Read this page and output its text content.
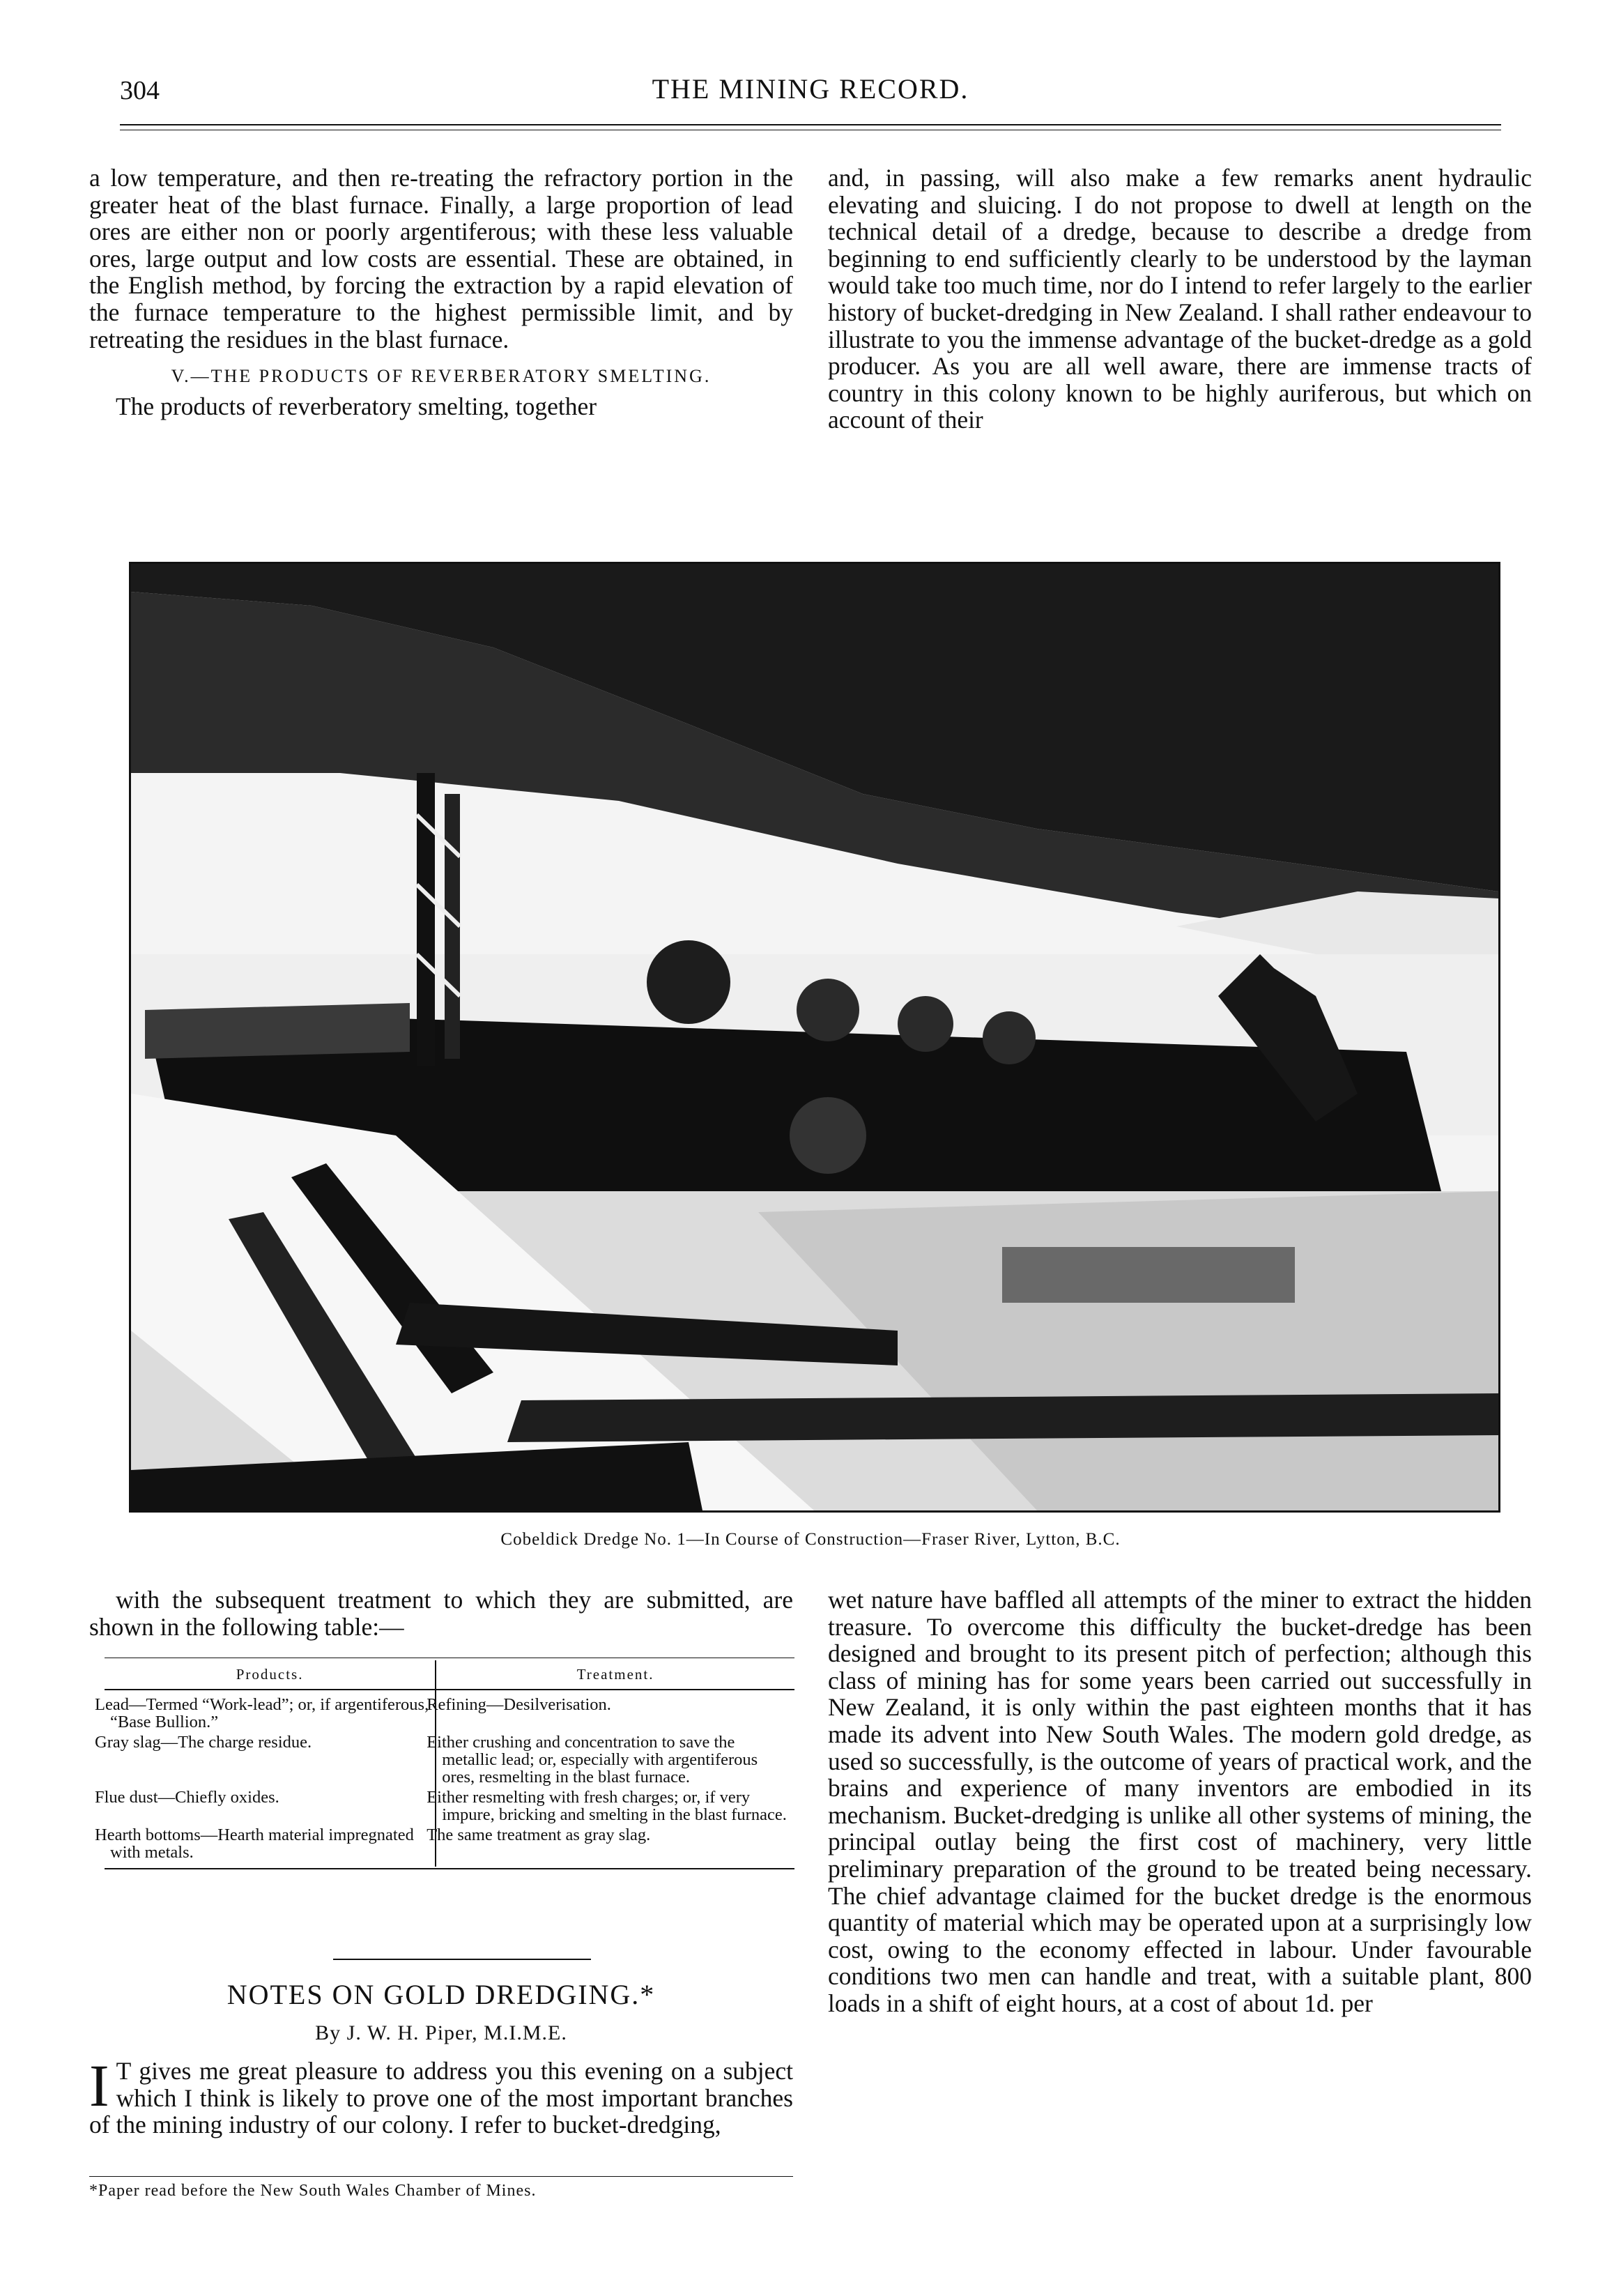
304	THE MINING RECORD.

a low temperature, and then re-treating the refractory portion in the greater heat of the blast furnace. Finally, a large proportion of lead ores are either non or poorly argentiferous; with these less valuable ores, large output and low costs are essential. These are obtained, in the English method, by forcing the extraction by a rapid elevation of the furnace temperature to the highest permissible limit, and by retreating the residues in the blast furnace.

V.—THE PRODUCTS OF REVERBERATORY SMELTING.

The products of reverberatory smelting, together

and, in passing, will also make a few remarks anent hydraulic elevating and sluicing. I do not propose to dwell at length on the technical detail of a dredge, because to describe a dredge from beginning to end sufficiently clearly to be understood by the layman would take too much time, nor do I intend to refer largely to the earlier history of bucket-dredging in New Zealand. I shall rather endeavour to illustrate to you the immense advantage of the bucket-dredge as a gold producer. As you are all well aware, there are immense tracts of country in this colony known to be highly auriferous, but which on account of their

Cobeldick Dredge No. 1—In Course of Construction—Fraser River, Lytton, B.C.

with the subsequent treatment to which they are submitted, are shown in the following table:—

Products.	Treatment.
Lead—Termed “Work-lead”; or, if argentiferous, “Base Bullion.”	Refining—Desilverisation.
Gray slag—The charge residue.	Either crushing and concentration to save the metallic lead; or, especially with argentiferous ores, resmelting in the blast furnace.
Flue dust—Chiefly oxides.	Either resmelting with fresh charges; or, if very impure, bricking and smelting in the blast furnace.
Hearth bottoms—Hearth material impregnated with metals.	The same treatment as gray slag.
NOTES ON GOLD DREDGING.*
By J. W. H. Piper, M.I.M.E.
I T gives me great pleasure to address you this evening on a subject which I think is likely to prove one of the most important branches of the mining industry of our colony. I refer to bucket-dredging,

*Paper read before the New South Wales Chamber of Mines.

wet nature have baffled all attempts of the miner to extract the hidden treasure. To overcome this difficulty the bucket-dredge has been designed and brought to its present pitch of perfection; although this class of mining has for some years been carried out successfully in New Zealand, it is only within the past eighteen months that it has made its advent into New South Wales. The modern gold dredge, as used so successfully, is the outcome of years of practical work, and the brains and experience of many inventors are embodied in its mechanism. Bucket-dredging is unlike all other systems of mining, the principal outlay being the first cost of machinery, very little preliminary preparation of the ground to be treated being necessary. The chief advantage claimed for the bucket dredge is the enormous quantity of material which may be operated upon at a surprisingly low cost, owing to the economy effected in labour. Under favourable conditions two men can handle and treat, with a suitable plant, 800 loads in a shift of eight hours, at a cost of about 1d. per
